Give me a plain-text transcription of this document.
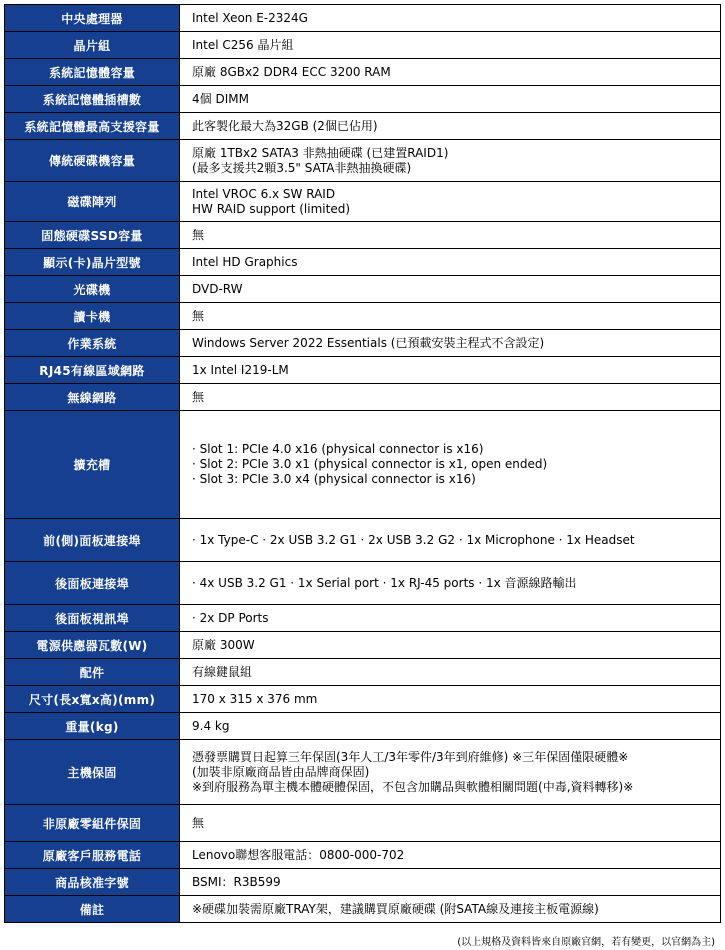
中央處理器	Intel Xeon E-2324G

晶片組	Intel C256 晶片組

系統記憶體容量	原廠 8GBx2 DDR4 ECC 3200 RAM

系統記憶體插槽數	4個 DIMM

系統記憶體最高支援容量	此客製化最大為32GB (2個已佔用)

傳統硬碟機容量	原廠 1TBx2 SATA3 非熱抽硬碟 (已建置RAID1)
(最多支援共2顆3.5" SATA非熱抽換硬碟)

磁碟陣列	Intel VROC 6.x SW RAID
HW RAID support (limited)

固態硬碟SSD容量	無

顯示(卡)晶片型號	Intel HD Graphics

光碟機	DVD-RW

讀卡機	無

作業系統	Windows Server 2022 Essentials (已預載安裝主程式不含設定)

RJ45有線區域網路	1x Intel I219-LM

無線網路	無

擴充槽	· Slot 1: PCIe 4.0 x16 (physical connector is x16)
· Slot 2: PCIe 3.0 x1 (physical connector is x1, open ended)
· Slot 3: PCIe 3.0 x4 (physical connector is x16)

前(側)面板連接埠	· 1x Type-C · 2x USB 3.2 G1 · 2x USB 3.2 G2 · 1x Microphone · 1x Headset

後面板連接埠	· 4x USB 3.2 G1 · 1x Serial port · 1x RJ-45 ports · 1x 音源線路輸出

後面板視訊埠	· 2x DP Ports

電源供應器瓦數(W)	原廠 300W

配件	有線鍵鼠組

尺寸(長x寬x高)(mm)	170 x 315 x 376 mm

重量(kg)	9.4 kg

主機保固	憑發票購買日起算三年保固(3年人工/3年零件/3年到府維修) ※三年保固僅限硬體※
(加裝非原廠商品皆由品牌商保固)
※到府服務為單主機本體硬體保固，不包含加購品與軟體相關問題(中毒,資料轉移)※

非原廠零組件保固	無

原廠客戶服務電話	Lenovo聯想客服電話：0800-000-702

商品核准字號	BSMI：R3B599

備註	※硬碟加裝需原廠TRAY架，建議購買原廠硬碟 (附SATA線及連接主板電源線)
(以上規格及資料皆來自原廠官網，若有變更，以官網為主)
